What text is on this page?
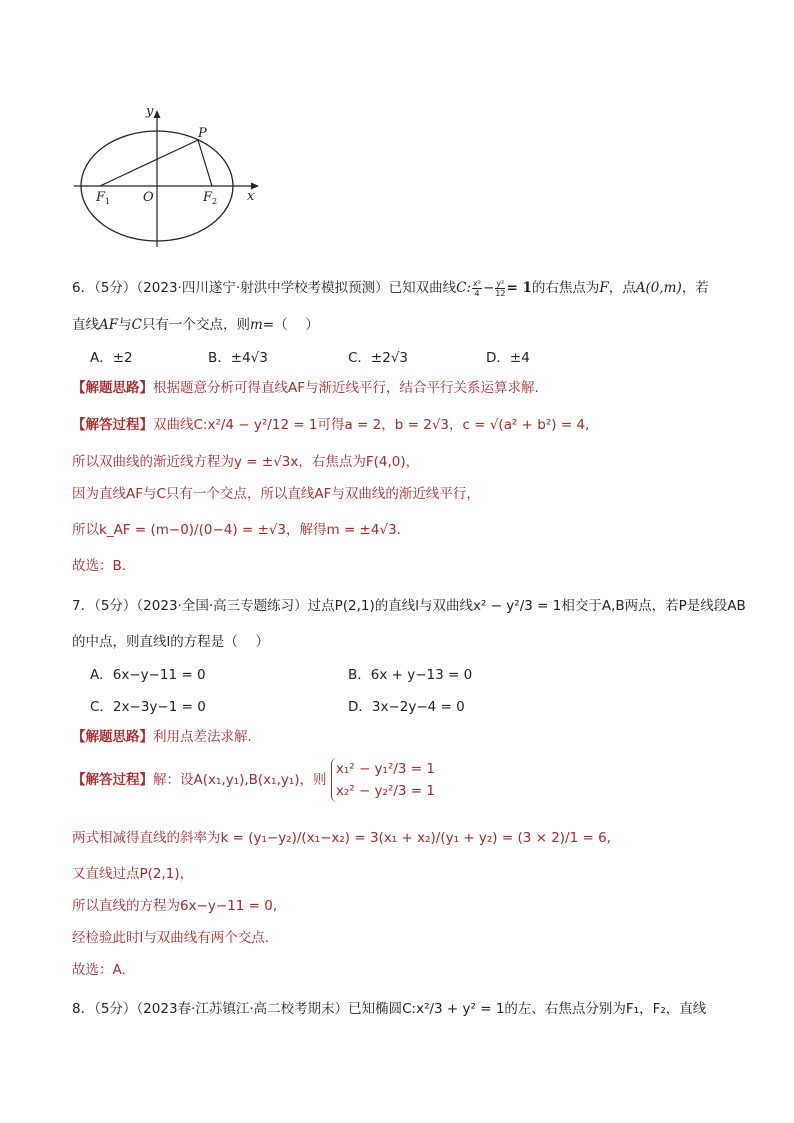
y
P
x
O
$F_1$	$F_2$
6．（5分）（2023·四川遂宁·射洪中学校考模拟预测）已知双曲线C: $\frac{\text{x²}}{4} - \frac{\text{y²}}{12} = 1$的右焦点为F，点A(0,m)，若
直线AF与C只有一个交点，则m=（　 ）
A．±2	B．±4√3	C．±2√3	D．±4
【解题思路】根据题意分析可得直线AF与渐近线平行，结合平行关系运算求解.
【解答过程】双曲线C:x²/4 − y²/12 = 1可得a = 2，b = 2√3，c = √(a² + b²) = 4,
所以双曲线的渐近线方程为y = ±√3x，右焦点为F(4,0)，
因为直线AF与C只有一个交点，所以直线AF与双曲线的渐近线平行，
所以k_AF = (m−0)/(0−4) = ±√3，解得m = ±4√3.
故选：B.
7．（5分）（2023·全国·高三专题练习）过点P(2,1)的直线l与双曲线x² − y²/3 = 1相交于A,B两点，若P是线段AB
的中点，则直线l的方程是（　 ）
A．6x−y−11 = 0	B．6x + y−13 = 0
C．2x−3y−1 = 0	D．3x−2y−4 = 0
【解题思路】利用点差法求解.
【解答过程】解：设A(x₁,y₁),B(x₁,y₁)，则
x₁² − y₁²/3 = 1
x₂² − y₂²/3 = 1
两式相减得直线的斜率为k = (y₁−y₂)/(x₁−x₂) = 3(x₁ + x₂)/(y₁ + y₂) = (3 × 2)/1 = 6,
又直线过点P(2,1)，
所以直线的方程为6x−y−11 = 0,
经检验此时l与双曲线有两个交点.
故选：A.
8．（5分）（2023春·江苏镇江·高二校考期末）已知椭圆C:x²/3 + y² = 1的左、右焦点分别为F₁，F₂，直线
